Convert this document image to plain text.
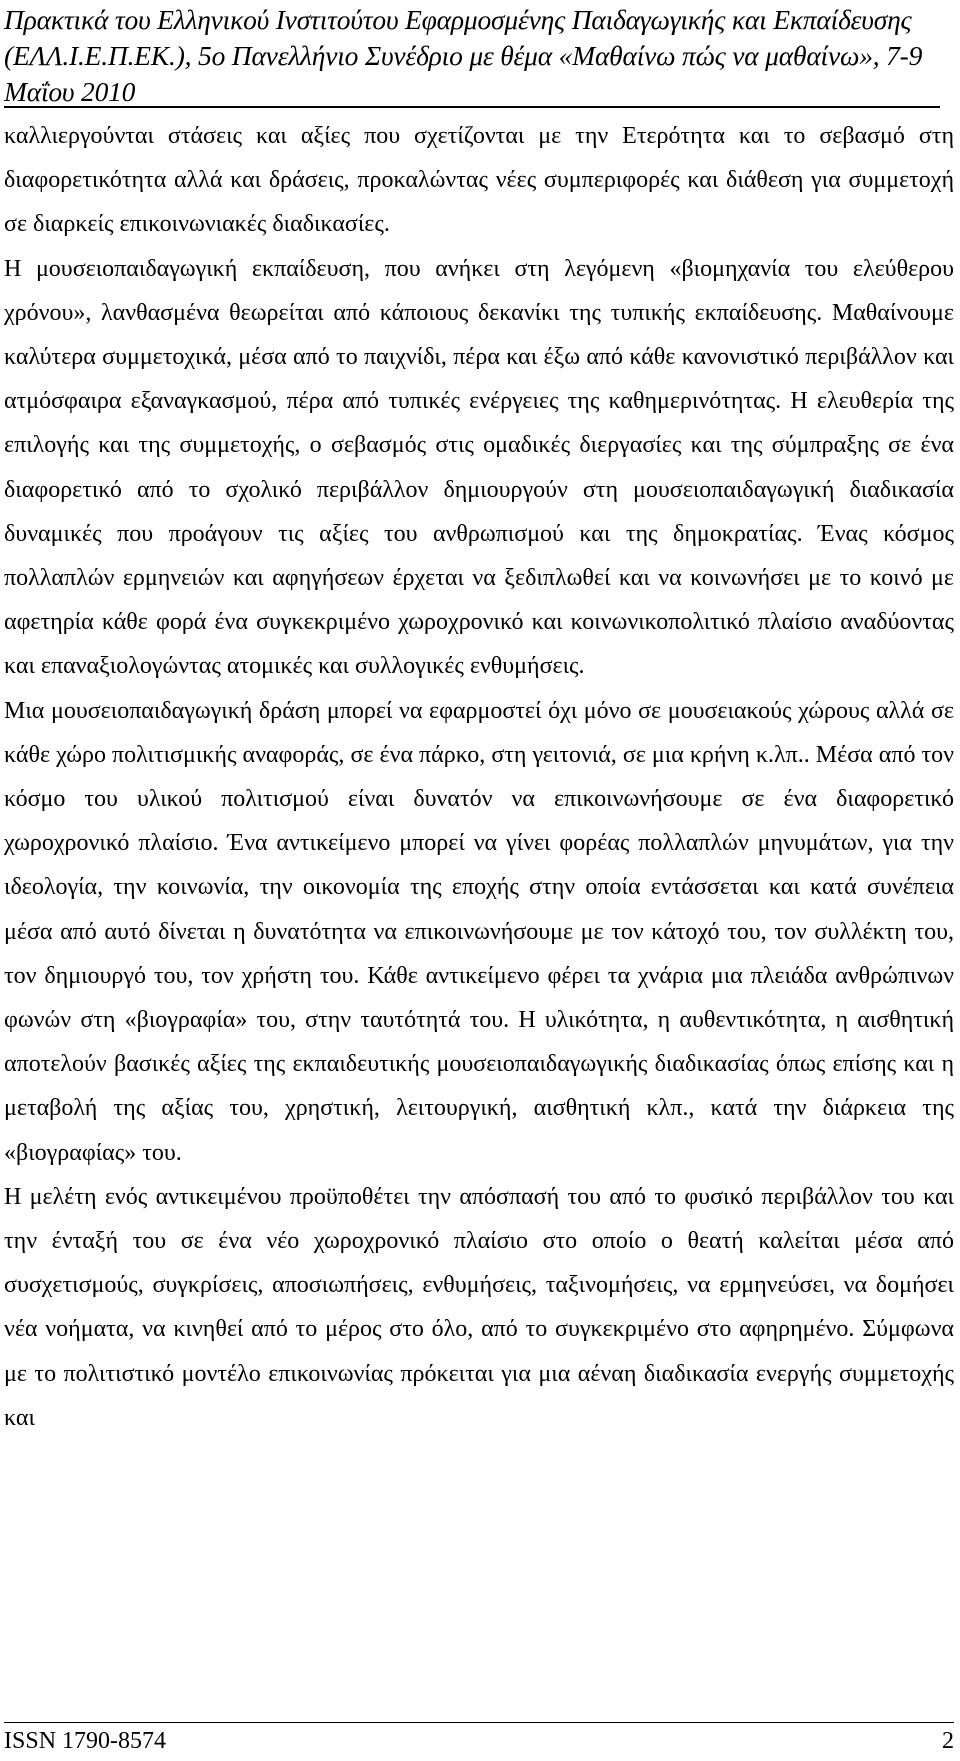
Πρακτικά του Ελληνικού Ινστιτούτου Εφαρμοσμένης Παιδαγωγικής και Εκπαίδευσης
(ΕΛΛ.Ι.Ε.Π.ΕΚ.), 5ο Πανελλήνιο Συνέδριο με θέμα «Μαθαίνω πώς να μαθαίνω», 7-9
Μαΐου 2010

καλλιεργούνται στάσεις και αξίες που σχετίζονται με την Ετερότητα και το σεβασμό στη διαφορετικότητα αλλά και δράσεις, προκαλώντας νέες συμπεριφορές και διάθεση για συμμετοχή σε διαρκείς επικοινωνιακές διαδικασίες.

Η μουσειοπαιδαγωγική εκπαίδευση, που ανήκει στη λεγόμενη «βιομηχανία του ελεύθερου χρόνου», λανθασμένα θεωρείται από κάποιους δεκανίκι της τυπικής εκπαίδευσης. Μαθαίνουμε καλύτερα συμμετοχικά, μέσα από το παιχνίδι, πέρα και έξω από κάθε κανονιστικό περιβάλλον και ατμόσφαιρα εξαναγκασμού, πέρα από τυπικές ενέργειες της καθημερινότητας. Η ελευθερία της επιλογής και της συμμετοχής, ο σεβασμός στις ομαδικές διεργασίες και της σύμπραξης σε ένα διαφορετικό από το σχολικό περιβάλλον δημιουργούν στη μουσειοπαιδαγωγική διαδικασία δυναμικές που προάγουν τις αξίες του ανθρωπισμού και της δημοκρατίας. Ένας κόσμος πολλαπλών ερμηνειών και αφηγήσεων έρχεται να ξεδιπλωθεί και να κοινωνήσει με το κοινό με αφετηρία κάθε φορά ένα συγκεκριμένο χωροχρονικό και κοινωνικοπολιτικό πλαίσιο αναδύοντας και επαναξιολογώντας ατομικές και συλλογικές ενθυμήσεις.

Μια μουσειοπαιδαγωγική δράση μπορεί να εφαρμοστεί όχι μόνο σε μουσειακούς χώρους αλλά σε κάθε χώρο πολιτισμικής αναφοράς, σε ένα πάρκο, στη γειτονιά, σε μια κρήνη κ.λπ.. Μέσα από τον κόσμο του υλικού πολιτισμού είναι δυνατόν να επικοινωνήσουμε σε ένα διαφορετικό χωροχρονικό πλαίσιο. Ένα αντικείμενο μπορεί να γίνει φορέας πολλαπλών μηνυμάτων, για την ιδεολογία, την κοινωνία, την οικονομία της εποχής στην οποία εντάσσεται και κατά συνέπεια μέσα από αυτό δίνεται η δυνατότητα να επικοινωνήσουμε με τον κάτοχό του, τον συλλέκτη του, τον δημιουργό του, τον χρήστη του. Κάθε αντικείμενο φέρει τα χνάρια μια πλειάδα ανθρώπινων φωνών στη «βιογραφία» του, στην ταυτότητά του. Η υλικότητα, η αυθεντικότητα, η αισθητική αποτελούν βασικές αξίες της εκπαιδευτικής μουσειοπαιδαγωγικής διαδικασίας όπως επίσης και η μεταβολή της αξίας του, χρηστική, λειτουργική, αισθητική κλπ., κατά την διάρκεια της «βιογραφίας» του.

Η μελέτη ενός αντικειμένου προϋποθέτει την απόσπασή του από το φυσικό περιβάλλον του και την ένταξή του σε ένα νέο χωροχρονικό πλαίσιο στο οποίο ο θεατή καλείται μέσα από συσχετισμούς, συγκρίσεις, αποσιωπήσεις, ενθυμήσεις, ταξινομήσεις, να ερμηνεύσει, να δομήσει νέα νοήματα, να κινηθεί από το μέρος στο όλο, από το συγκεκριμένο στο αφηρημένο. Σύμφωνα με το πολιτιστικό μοντέλο επικοινωνίας πρόκειται για μια αέναη διαδικασία ενεργής συμμετοχής και

ISSN 1790-8574	2
